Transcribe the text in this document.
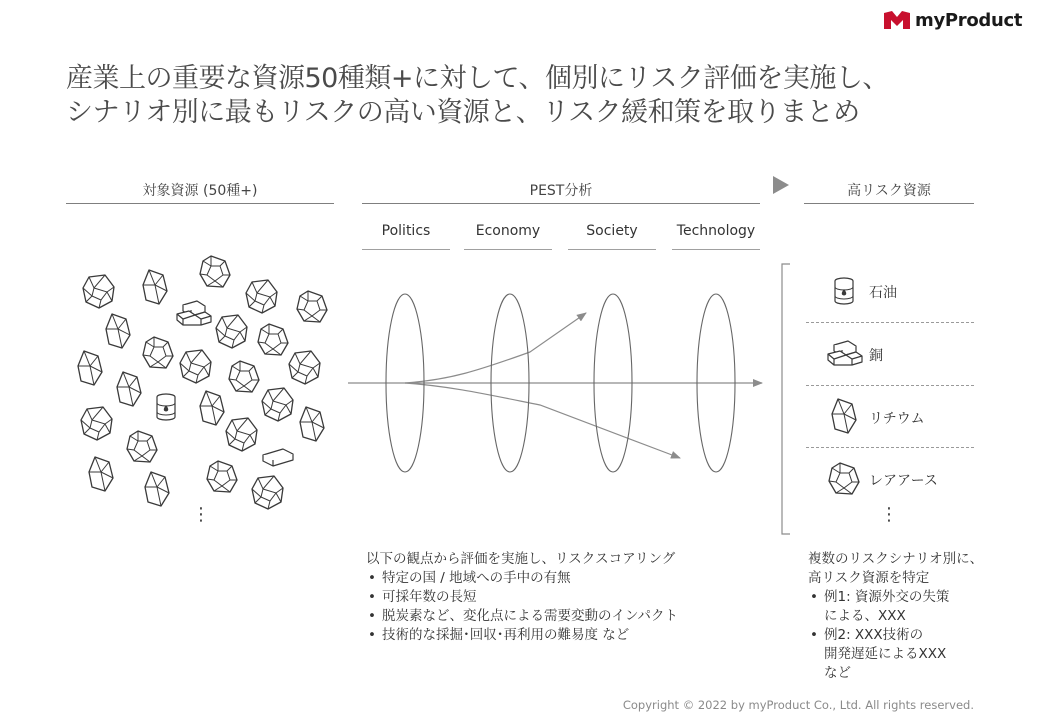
myProduct
産業上の重要な資源50種類+に対して、個別にリスク評価を実施し、
シナリオ別に最もリスクの高い資源と、リスク緩和策を取りまとめ
対象資源 (50種+)	PEST分析	高リスク資源
Politics	Economy	Society	Technology
⋮
石油
銅
リチウム
レアアース
⋮
以下の観点から評価を実施し、リスクスコアリング
• 特定の国 / 地域への手中の有無
• 可採年数の長短
• 脱炭素など、変化点による需要変動のインパクト
• 技術的な採掘･回収･再利用の難易度 など
複数のリスクシナリオ別に、
高リスク資源を特定
• 例1: 資源外交の失策
による、XXX
• 例2: XXX技術の
開発遅延によるXXX
など
Copyright © 2022 by myProduct Co., Ltd. All rights reserved.
